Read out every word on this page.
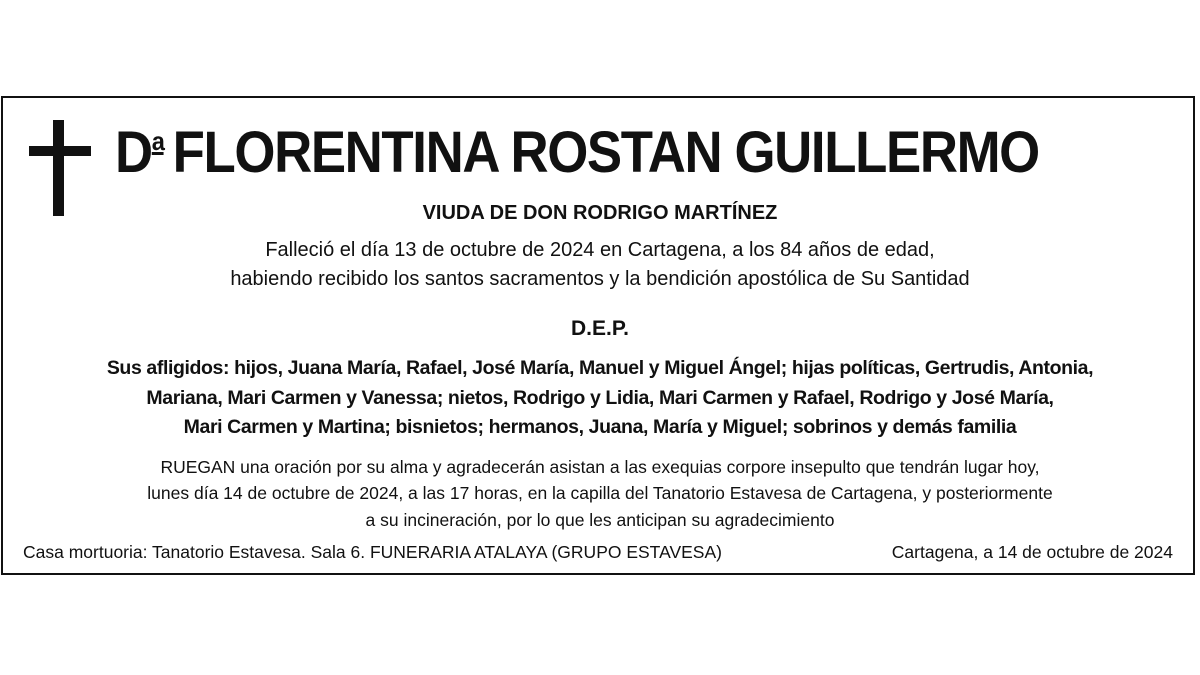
$D^a$ FLORENTINA ROSTAN GUILLERMO
VIUDA DE DON RODRIGO MARTÍNEZ
Falleció el día 13 de octubre de 2024 en Cartagena, a los 84 años de edad,
habiendo recibido los santos sacramentos y la bendición apostólica de Su Santidad
D.E.P.
Sus afligidos: hijos, Juana María, Rafael, José María, Manuel y Miguel Ángel; hijas políticas, Gertrudis, Antonia,
Mariana, Mari Carmen y Vanessa; nietos, Rodrigo y Lidia, Mari Carmen y Rafael, Rodrigo y José María,
Mari Carmen y Martina; bisnietos; hermanos, Juana, María y Miguel; sobrinos y demás familia
RUEGAN una oración por su alma y agradecerán asistan a las exequias corpore insepulto que tendrán lugar hoy,
lunes día 14 de octubre de 2024, a las 17 horas, en la capilla del Tanatorio Estavesa de Cartagena, y posteriormente
a su incineración, por lo que les anticipan su agradecimiento
Casa mortuoria: Tanatorio Estavesa. Sala 6. FUNERARIA ATALAYA (GRUPO ESTAVESA)	Cartagena, a 14 de octubre de 2024
